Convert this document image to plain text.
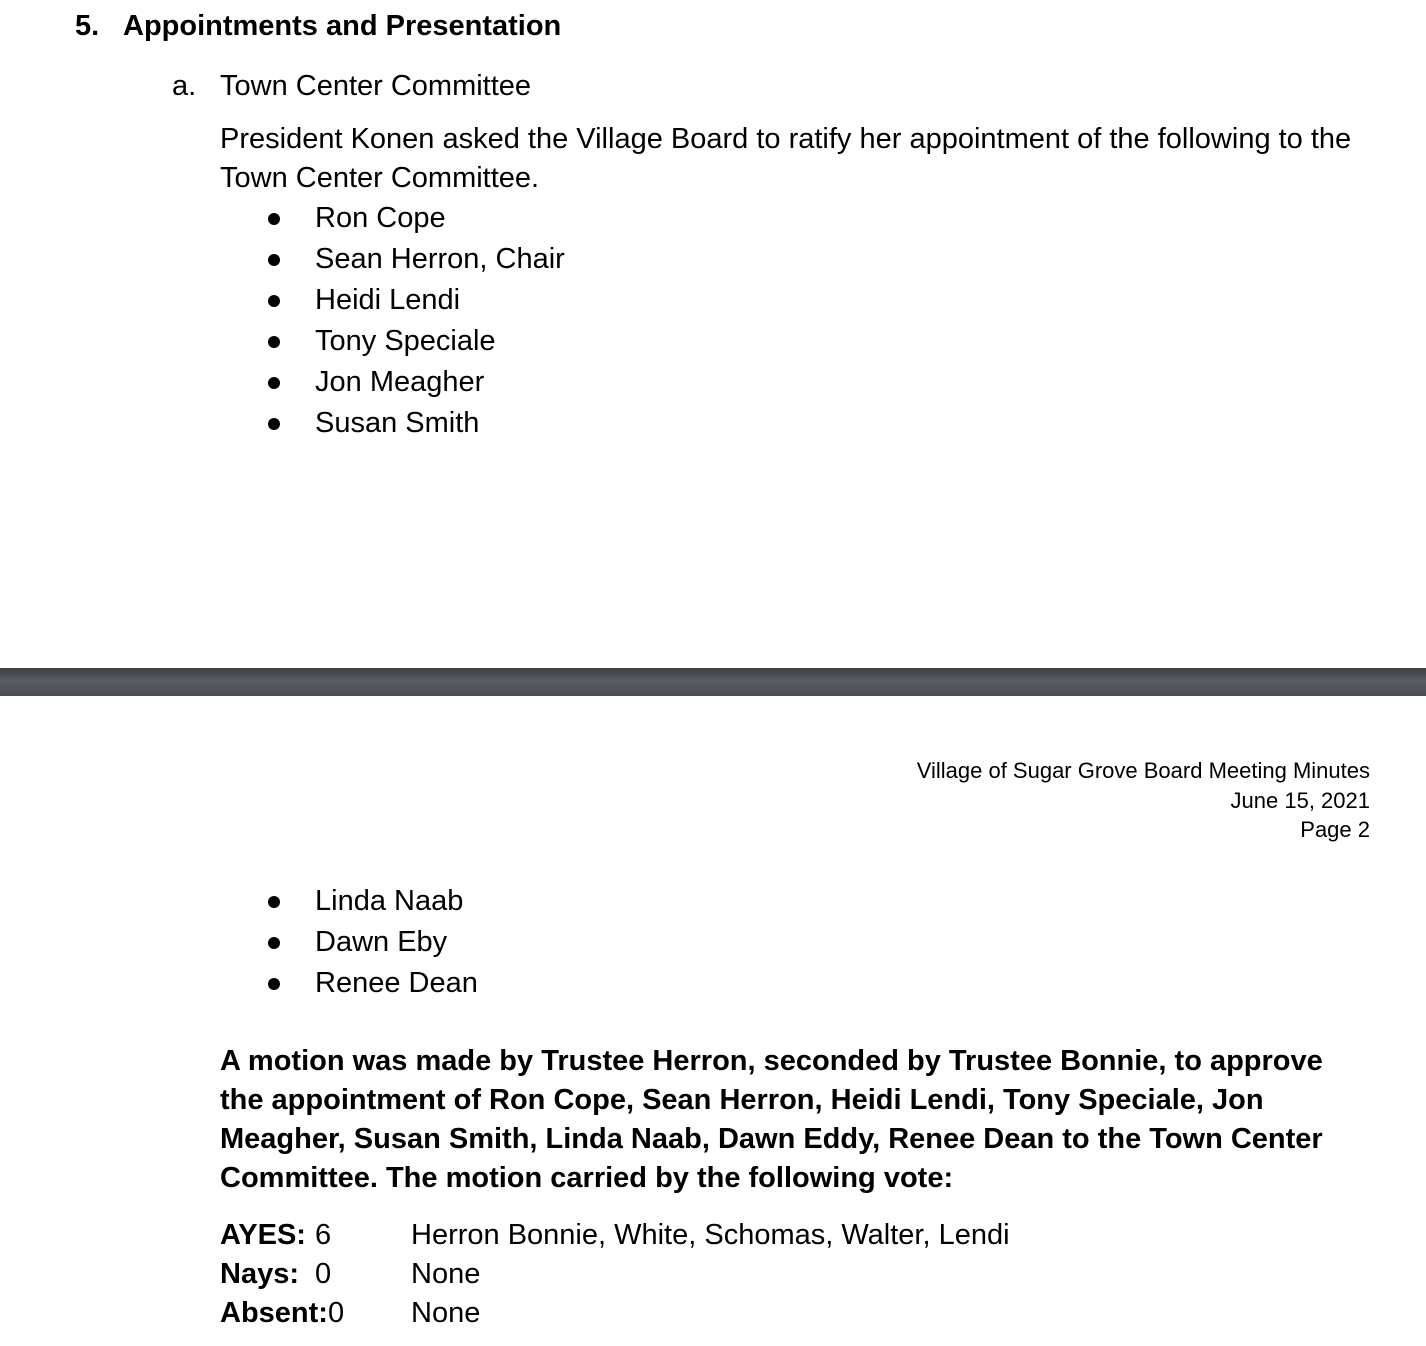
5. Appointments and Presentation
a. Town Center Committee
President Konen asked the Village Board to ratify her appointment of the following to the Town Center Committee.
Ron Cope
Sean Herron, Chair
Heidi Lendi
Tony Speciale
Jon Meagher
Susan Smith
Village of Sugar Grove Board Meeting Minutes
June 15, 2021
Page 2
Linda Naab
Dawn Eby
Renee Dean
A motion was made by Trustee Herron, seconded by Trustee Bonnie, to approve the appointment of Ron Cope, Sean Herron, Heidi Lendi, Tony Speciale, Jon Meagher, Susan Smith, Linda Naab, Dawn Eddy, Renee Dean to the Town Center Committee. The motion carried by the following vote:
AYES: 6	Herron Bonnie, White, Schomas, Walter, Lendi
Nays: 0	None
Absent: 0 None
